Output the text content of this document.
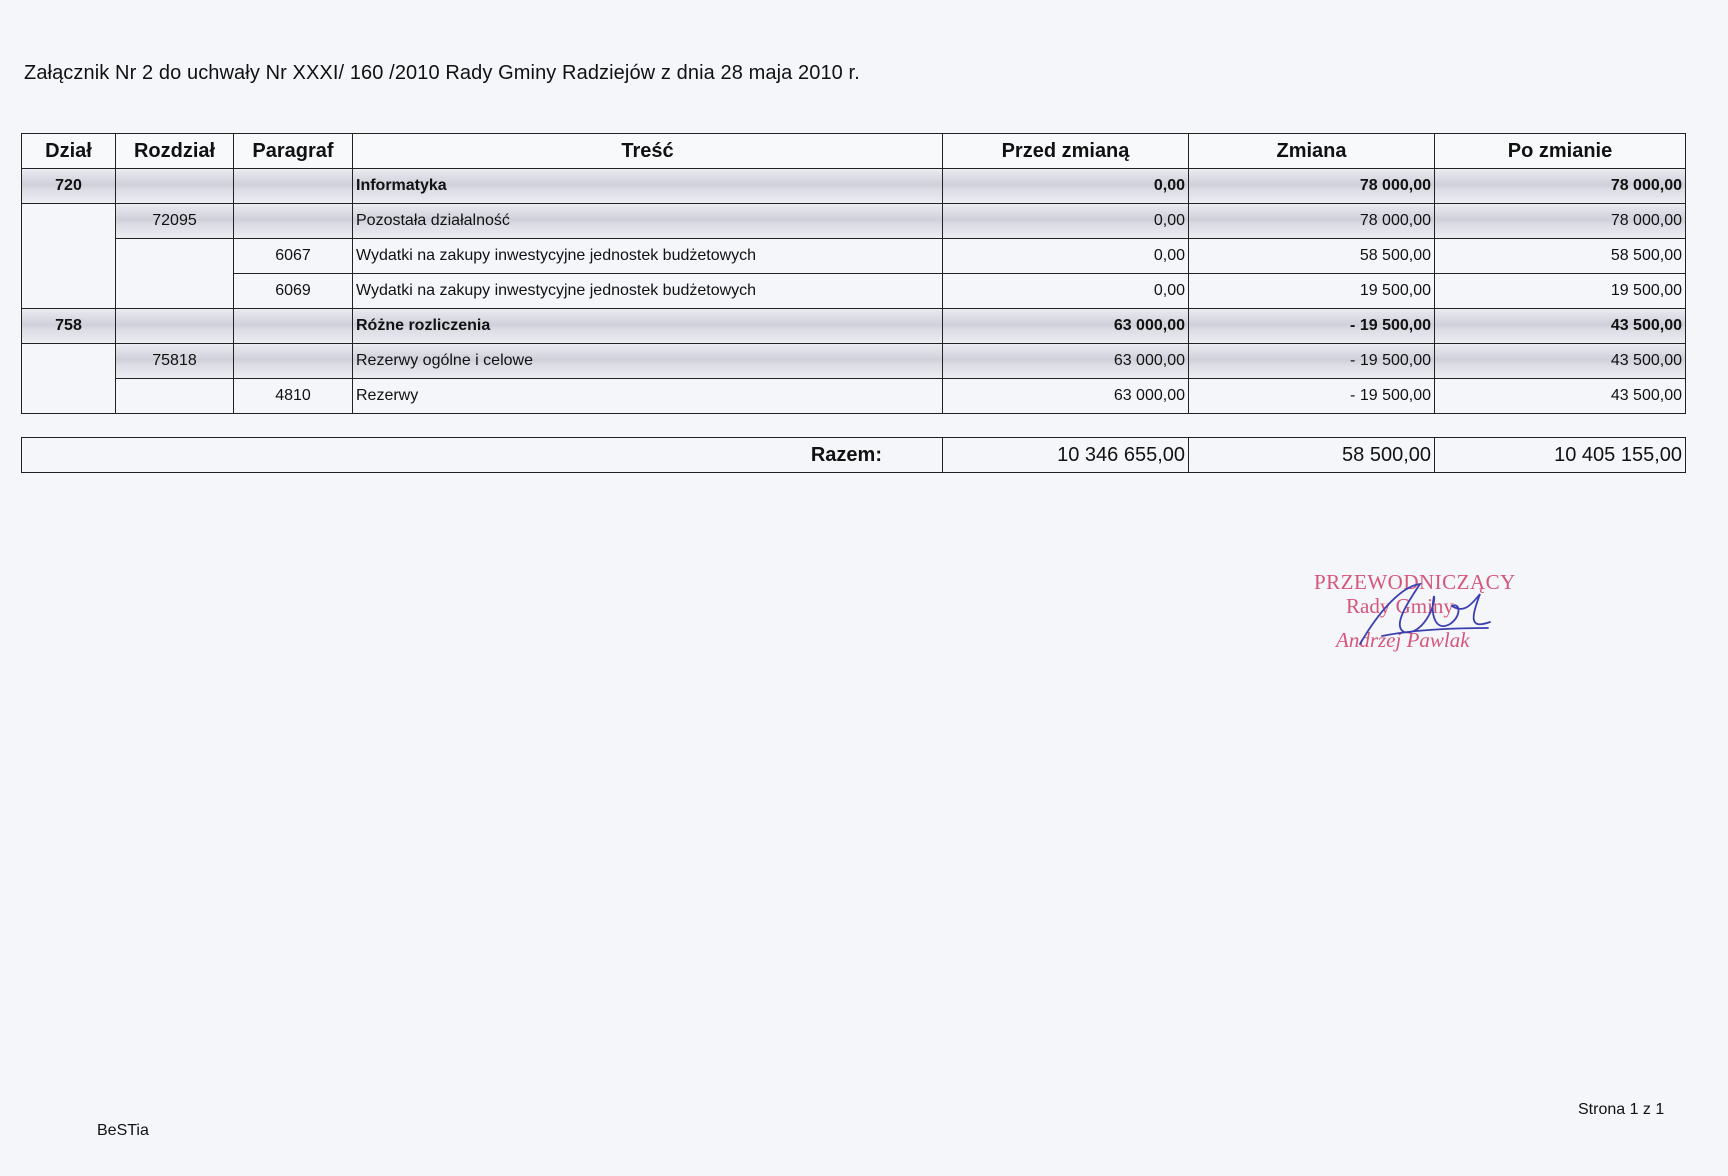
Załącznik Nr 2 do uchwały Nr XXXI/ 160 /2010 Rady Gminy Radziejów z dnia 28 maja 2010 r.
Dział	Rozdział	Paragraf	Treść	Przed zmianą	Zmiana	Po zmianie
720			Informatyka	0,00	78 000,00	78 000,00
	72095		Pozostała działalność	0,00	78 000,00	78 000,00
		6067	Wydatki na zakupy inwestycyjne jednostek budżetowych	0,00	58 500,00	58 500,00
		6069	Wydatki na zakupy inwestycyjne jednostek budżetowych	0,00	19 500,00	19 500,00
758			Różne rozliczenia	63 000,00	- 19 500,00	43 500,00
	75818		Rezerwy ogólne i celowe	63 000,00	- 19 500,00	43 500,00
		4810	Rezerwy	63 000,00	- 19 500,00	43 500,00
Razem:	10 346 655,00	58 500,00	10 405 155,00
PRZEWODNICZĄCY
Rady Gminy
Andrzej Pawlak
BeSTia
Strona 1 z 1
